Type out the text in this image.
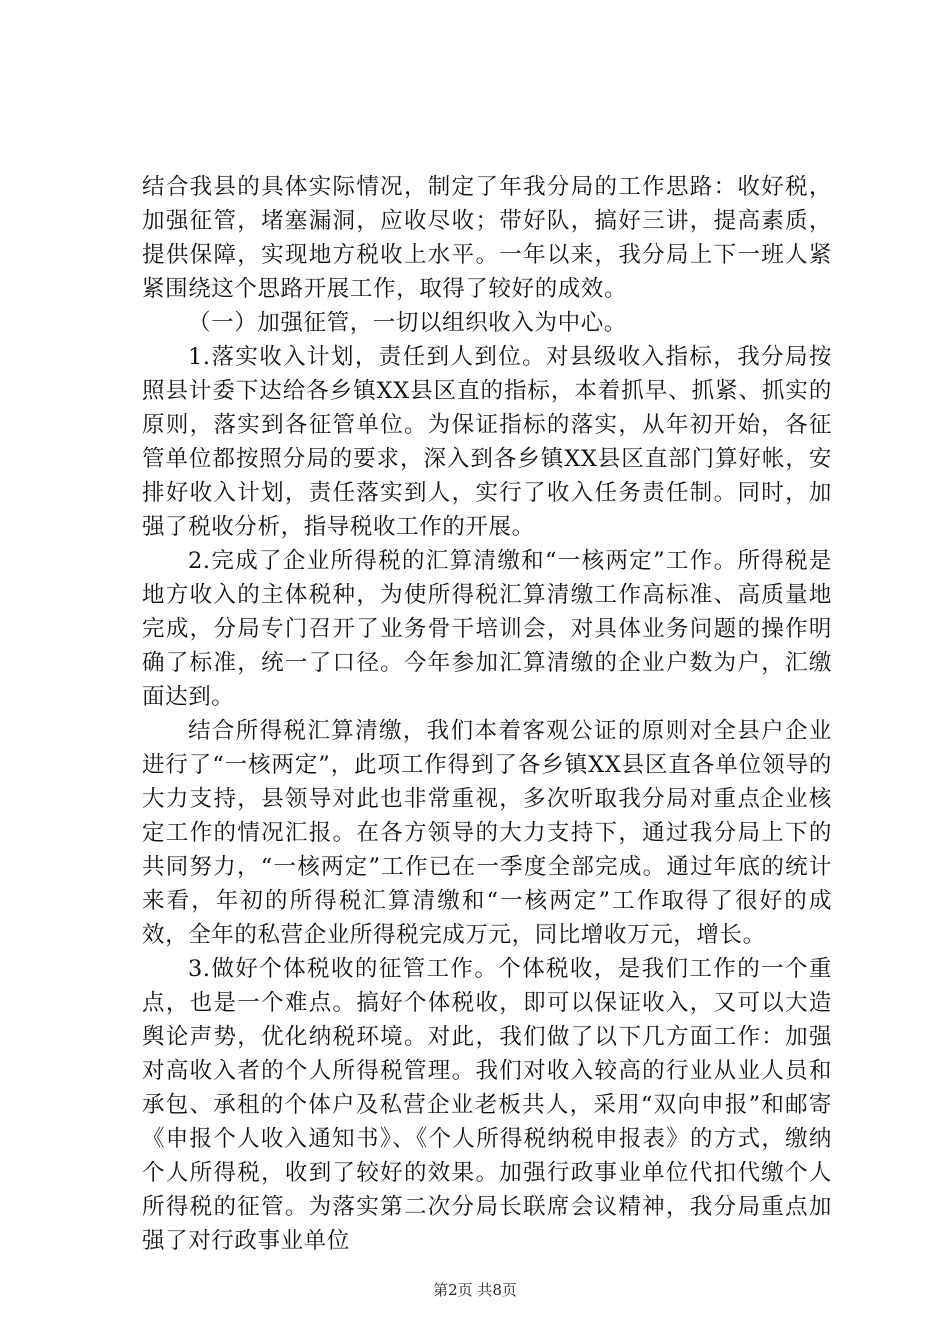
结合我县的具体实际情况，制定了年我分局的工作思路：收好税，加强征管，堵塞漏洞，应收尽收；带好队，搞好三讲，提高素质，提供保障，实现地方税收上水平。一年以来，我分局上下一班人紧紧围绕这个思路开展工作，取得了较好的成效。

（一）加强征管，一切以组织收入为中心。

1.落实收入计划，责任到人到位。对县级收入指标，我分局按照县计委下达给各乡镇XX县区直的指标，本着抓早、抓紧、抓实的原则，落实到各征管单位。为保证指标的落实，从年初开始，各征管单位都按照分局的要求，深入到各乡镇XX县区直部门算好帐，安排好收入计划，责任落实到人，实行了收入任务责任制。同时，加强了税收分析，指导税收工作的开展。

2.完成了企业所得税的汇算清缴和“一核两定”工作。所得税是地方收入的主体税种，为使所得税汇算清缴工作高标准、高质量地完成，分局专门召开了业务骨干培训会，对具体业务问题的操作明确了标准，统一了口径。今年参加汇算清缴的企业户数为户，汇缴面达到。

结合所得税汇算清缴，我们本着客观公证的原则对全县户企业进行了“一核两定”，此项工作得到了各乡镇XX县区直各单位领导的大力支持，县领导对此也非常重视，多次听取我分局对重点企业核定工作的情况汇报。在各方领导的大力支持下，通过我分局上下的共同努力，“一核两定”工作已在一季度全部完成。通过年底的统计来看，年初的所得税汇算清缴和“一核两定”工作取得了很好的成效，全年的私营企业所得税完成万元，同比增收万元，增长。

3.做好个体税收的征管工作。个体税收，是我们工作的一个重点，也是一个难点。搞好个体税收，即可以保证收入，又可以大造舆论声势，优化纳税环境。对此，我们做了以下几方面工作：加强对高收入者的个人所得税管理。我们对收入较高的行业从业人员和承包、承租的个体户及私营企业老板共人，采用“双向申报”和邮寄《申报个人收入通知书》、《个人所得税纳税申报表》的方式，缴纳个人所得税，收到了较好的效果。加强行政事业单位代扣代缴个人所得税的征管。为落实第二次分局长联席会议精神，我分局重点加强了对行政事业单位

第2页 共8页
